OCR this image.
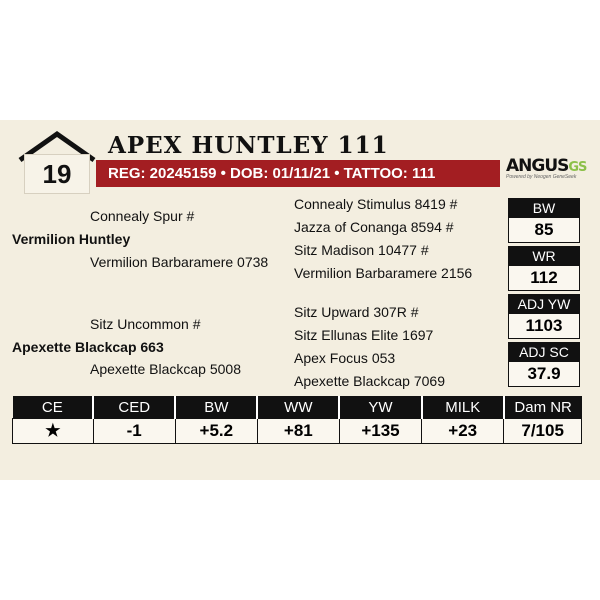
19
APEX HUNTLEY 111
REG: 20245159 • DOB: 01/11/21 • TATTOO: 111	ANGUSGS
Powered by Neogen GeneSeek
Connealy Spur #
Vermilion Huntley
Vermilion Barbaramere 0738
Connealy Stimulus 8419 #
Jazza of Conanga 8594 #
Sitz Madison 10477 #
Vermilion Barbaramere 2156
Sitz Uncommon #
Apexette Blackcap 663
Apexette Blackcap 5008
Sitz Upward 307R #
Sitz Ellunas Elite 1697
Apex Focus 053
Apexette Blackcap 7069
BW
85
WR
112
ADJ YW
1103
ADJ SC
37.9
CE	CED	BW	WW	YW	MILK	Dam NR
★	-1	+5.2	+81	+135	+23	7/105
